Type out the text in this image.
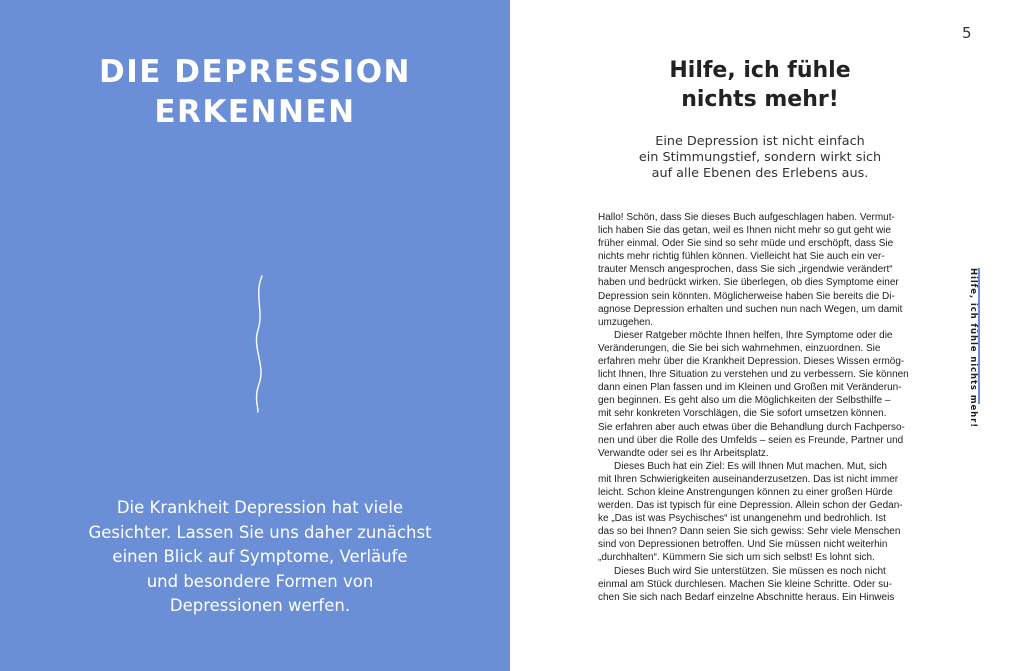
DIE DEPRESSION
ERKENNEN
Die Krankheit Depression hat viele
Gesichter. Lassen Sie uns daher zunächst
einen Blick auf Symptome, Verläufe
und besondere Formen von
Depressionen werfen.
5
Hilfe, ich fühle
nichts mehr!
Eine Depression ist nicht einfach
ein Stimmungstief, sondern wirkt sich
auf alle Ebenen des Erlebens aus.
Hallo! Schön, dass Sie dieses Buch aufgeschlagen haben. Vermut-
lich haben Sie das getan, weil es Ihnen nicht mehr so gut geht wie
früher einmal. Oder Sie sind so sehr müde und erschöpft, dass Sie
nichts mehr richtig fühlen können. Vielleicht hat Sie auch ein ver-
trauter Mensch angesprochen, dass Sie sich „irgendwie verändert“
haben und bedrückt wirken. Sie überlegen, ob dies Symptome einer
Depression sein könnten. Möglicherweise haben Sie bereits die Di-
agnose Depression erhalten und suchen nun nach Wegen, um damit
umzugehen.
Dieser Ratgeber möchte Ihnen helfen, Ihre Symptome oder die
Veränderungen, die Sie bei sich wahrnehmen, einzuordnen. Sie
erfahren mehr über die Krankheit Depression. Dieses Wissen ermög-
licht Ihnen, Ihre Situation zu verstehen und zu verbessern. Sie können
dann einen Plan fassen und im Kleinen und Großen mit Veränderun-
gen beginnen. Es geht also um die Möglichkeiten der Selbsthilfe –
mit sehr konkreten Vorschlägen, die Sie sofort umsetzen können.
Sie erfahren aber auch etwas über die Behandlung durch Fachperso-
nen und über die Rolle des Umfelds – seien es Freunde, Partner und
Verwandte oder sei es Ihr Arbeitsplatz.
Dieses Buch hat ein Ziel: Es will Ihnen Mut machen. Mut, sich
mit Ihren Schwierigkeiten auseinanderzusetzen. Das ist nicht immer
leicht. Schon kleine Anstrengungen können zu einer großen Hürde
werden. Das ist typisch für eine Depression. Allein schon der Gedan-
ke „Das ist was Psychisches“ ist unangenehm und bedrohlich. Ist
das so bei Ihnen? Dann seien Sie sich gewiss: Sehr viele Menschen
sind von Depressionen betroffen. Und Sie müssen nicht weiterhin
„durchhalten“. Kümmern Sie sich um sich selbst! Es lohnt sich.
Dieses Buch wird Sie unterstützen. Sie müssen es noch nicht
einmal am Stück durchlesen. Machen Sie kleine Schritte. Oder su-
chen Sie sich nach Bedarf einzelne Abschnitte heraus. Ein Hinweis
Hilfe, ich fühle nichts mehr!
